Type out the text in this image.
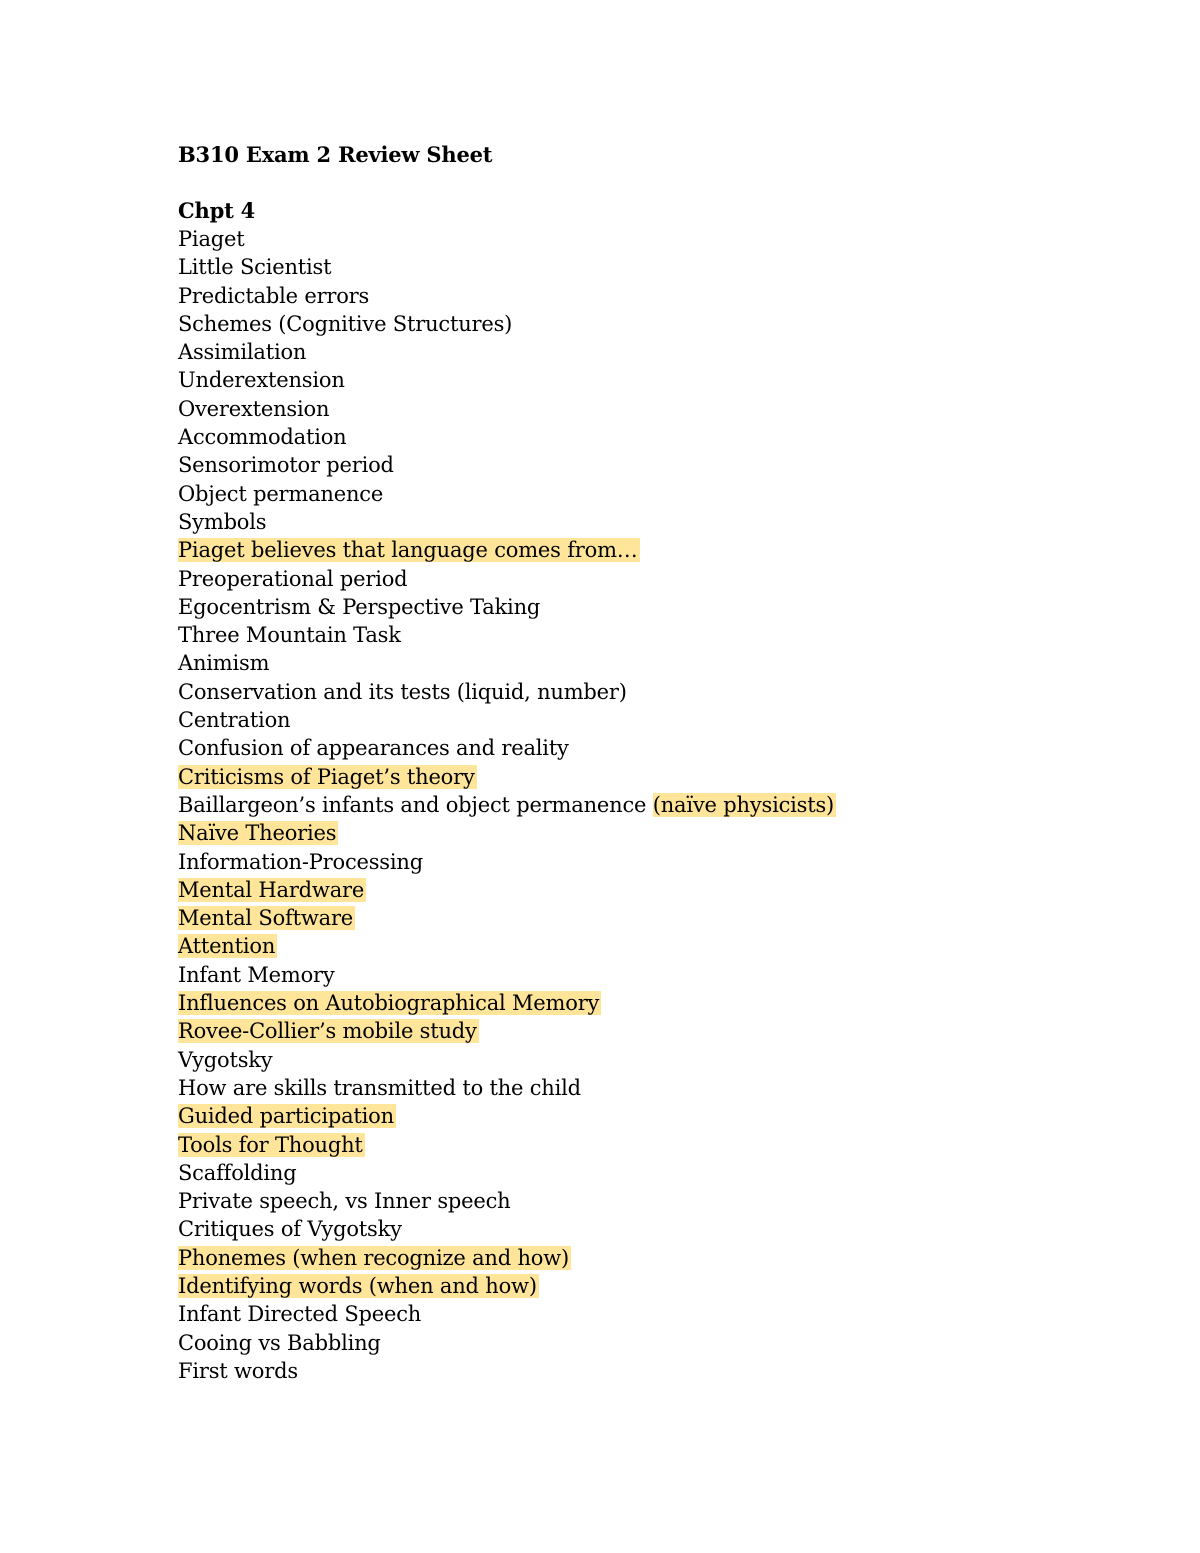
B310 Exam 2 Review Sheet
Chpt 4
Piaget
Little Scientist
Predictable errors
Schemes (Cognitive Structures)
Assimilation
Underextension
Overextension
Accommodation
Sensorimotor period
Object permanence
Symbols
Piaget believes that language comes from…
Preoperational period
Egocentrism & Perspective Taking
Three Mountain Task
Animism
Conservation and its tests (liquid, number)
Centration
Confusion of appearances and reality
Criticisms of Piaget’s theory
Baillargeon’s infants and object permanence (naïve physicists)
Naïve Theories
Information-Processing
Mental Hardware
Mental Software
Attention
Infant Memory
Influences on Autobiographical Memory
Rovee-Collier’s mobile study
Vygotsky
How are skills transmitted to the child
Guided participation
Tools for Thought
Scaffolding
Private speech, vs Inner speech
Critiques of Vygotsky
Phonemes (when recognize and how)
Identifying words (when and how)
Infant Directed Speech
Cooing vs Babbling
First words
